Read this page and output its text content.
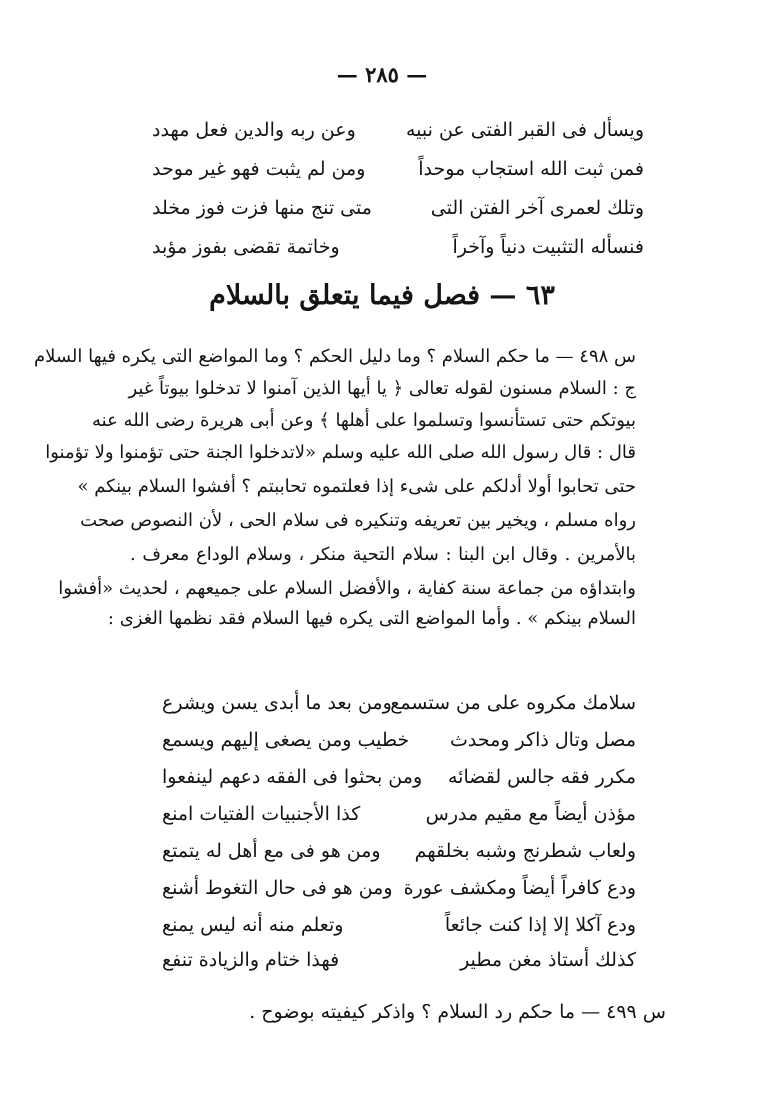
— ٢٨٥ —
ويسأل فى القبر الفتى عن نبيه
وعن ربه والدين فعل مهدد
فمن ثبت الله استجاب موحداً
ومن لم يثبت فهو غير موحد
وتلك لعمرى آخر الفتن التى
متى تنج منها فزت فوز مخلد
فنسأله التثبيت دنياً وآخراً
وخاتمة تقضى بفوز مؤبد
٦٣ — فصل فيما يتعلق بالسلام
س ٤٩٨ — ما حكم السلام ؟ وما دليل الحكم ؟ وما المواضع التى يكره فيها السلام
ج : السلام مسنون لقوله تعالى ﴿ يا أيها الذين آمنوا لا تدخلوا بيوتاً غير
بيوتكم حتى تستأنسوا وتسلموا على أهلها ﴾ وعن أبى هريرة رضى الله عنه
قال : قال رسول الله صلى الله عليه وسلم «لاتدخلوا الجنة حتى تؤمنوا ولا تؤمنوا
حتى تحابوا أولا أدلكم على شىء إذا فعلتموه تحاببتم ؟ أفشوا السلام بينكم »
رواه مسلم ، ويخير بين تعريفه وتنكيره فى سلام الحى ، لأن النصوص صحت
بالأمرين . وقال ابن البنا : سلام التحية منكر ، وسلام الوداع معرف .
وابتداؤه من جماعة سنة كفاية ، والأفضل السلام على جميعهم ، لحديث «أفشوا
السلام بينكم » . وأما المواضع التى يكره فيها السلام فقد نظمها الغزى :
سلامك مكروه على من ستسمع
ومن بعد ما أبدى يسن ويشرع
مصل وتال ذاكر ومحدث
خطيب ومن يصغى إليهم ويسمع
مكرر فقه جالس لقضائه
ومن بحثوا فى الفقه دعهم لينفعوا
مؤذن أيضاً مع مقيم مدرس
كذا الأجنبيات الفتيات امنع
ولعاب شطرنج وشبه بخلقهم
ومن هو فى مع أهل له يتمتع
ودع كافراً أيضاً ومكشف عورة
ومن هو فى حال التغوط أشنع
ودع آكلا إلا إذا كنت جائعاً
وتعلم منه أنه ليس يمنع
كذلك أستاذ مغن مطير
فهذا ختام والزيادة تنفع
س ٤٩٩ — ما حكم رد السلام ؟ واذكر كيفيته بوضوح .
